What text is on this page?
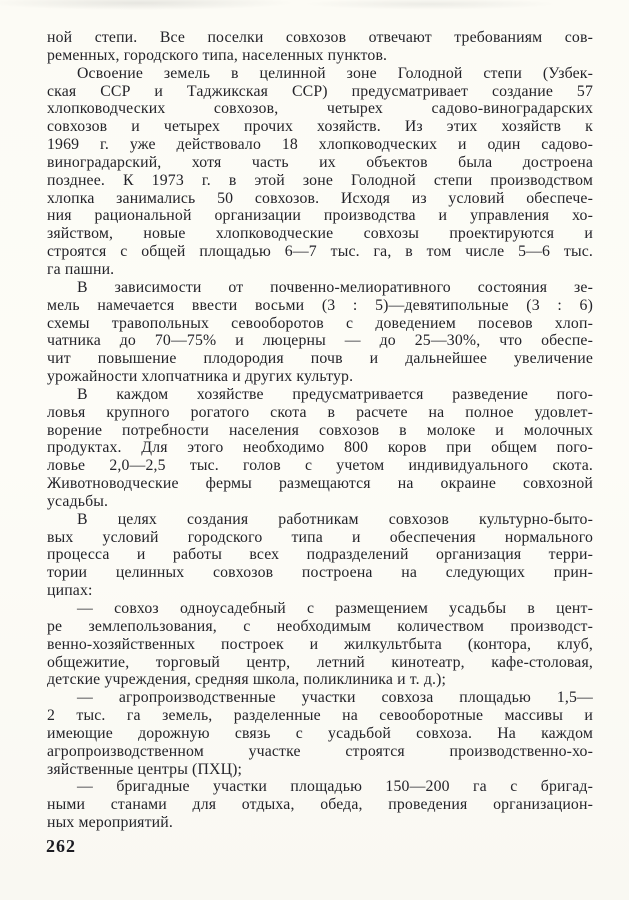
ной степи. Все поселки совхозов отвечают требованиям сов-
ременных, городского типа, населенных пунктов.
Освоение земель в целинной зоне Голодной степи (Узбек-
ская ССР и Таджикская ССР) предусматривает создание 57
хлопководческих совхозов, четырех садово-виноградарских
совхозов и четырех прочих хозяйств. Из этих хозяйств к
1969 г. уже действовало 18 хлопководческих и один садово-
виноградарский, хотя часть их объектов была достроена
позднее. К 1973 г. в этой зоне Голодной степи производством
хлопка занимались 50 совхозов. Исходя из условий обеспече-
ния рациональной организации производства и управления хо-
зяйством, новые хлопководческие совхозы проектируются и
строятся с общей площадью 6—7 тыс. га, в том числе 5—6 тыс.
га пашни.
В зависимости от почвенно-мелиоративного состояния зе-
мель намечается ввести восьми (3 : 5)—девятипольные (3 : 6)
схемы травопольных севооборотов с доведением посевов хлоп-
чатника до 70—75% и люцерны — до 25—30%, что обеспе-
чит повышение плодородия почв и дальнейшее увеличение
урожайности хлопчатника и других культур.
В каждом хозяйстве предусматривается разведение пого-
ловья крупного рогатого скота в расчете на полное удовлет-
ворение потребности населения совхозов в молоке и молочных
продуктах. Для этого необходимо 800 коров при общем пого-
ловье 2,0—2,5 тыс. голов с учетом индивидуального скота.
Животноводческие фермы размещаются на окраине совхозной
усадьбы.
В целях создания работникам совхозов культурно-быто-
вых условий городского типа и обеспечения нормального
процесса и работы всех подразделений организация терри-
тории целинных совхозов построена на следующих прин-
ципах:
— совхоз одноусадебный с размещением усадьбы в цент-
ре землепользования, с необходимым количеством производст-
венно-хозяйственных построек и жилкультбыта (контора, клуб,
общежитие, торговый центр, летний кинотеатр, кафе-столовая,
детские учреждения, средняя школа, поликлиника и т. д.);
— агропроизводственные участки совхоза площадью 1,5—
2 тыс. га земель, разделенные на севооборотные массивы и
имеющие дорожную связь с усадьбой совхоза. На каждом
агропроизводственном участке строятся производственно-хо-
зяйственные центры (ПХЦ);
— бригадные участки площадью 150—200 га с бригад-
ными станами для отдыха, обеда, проведения организацион-
ных мероприятий.
262
